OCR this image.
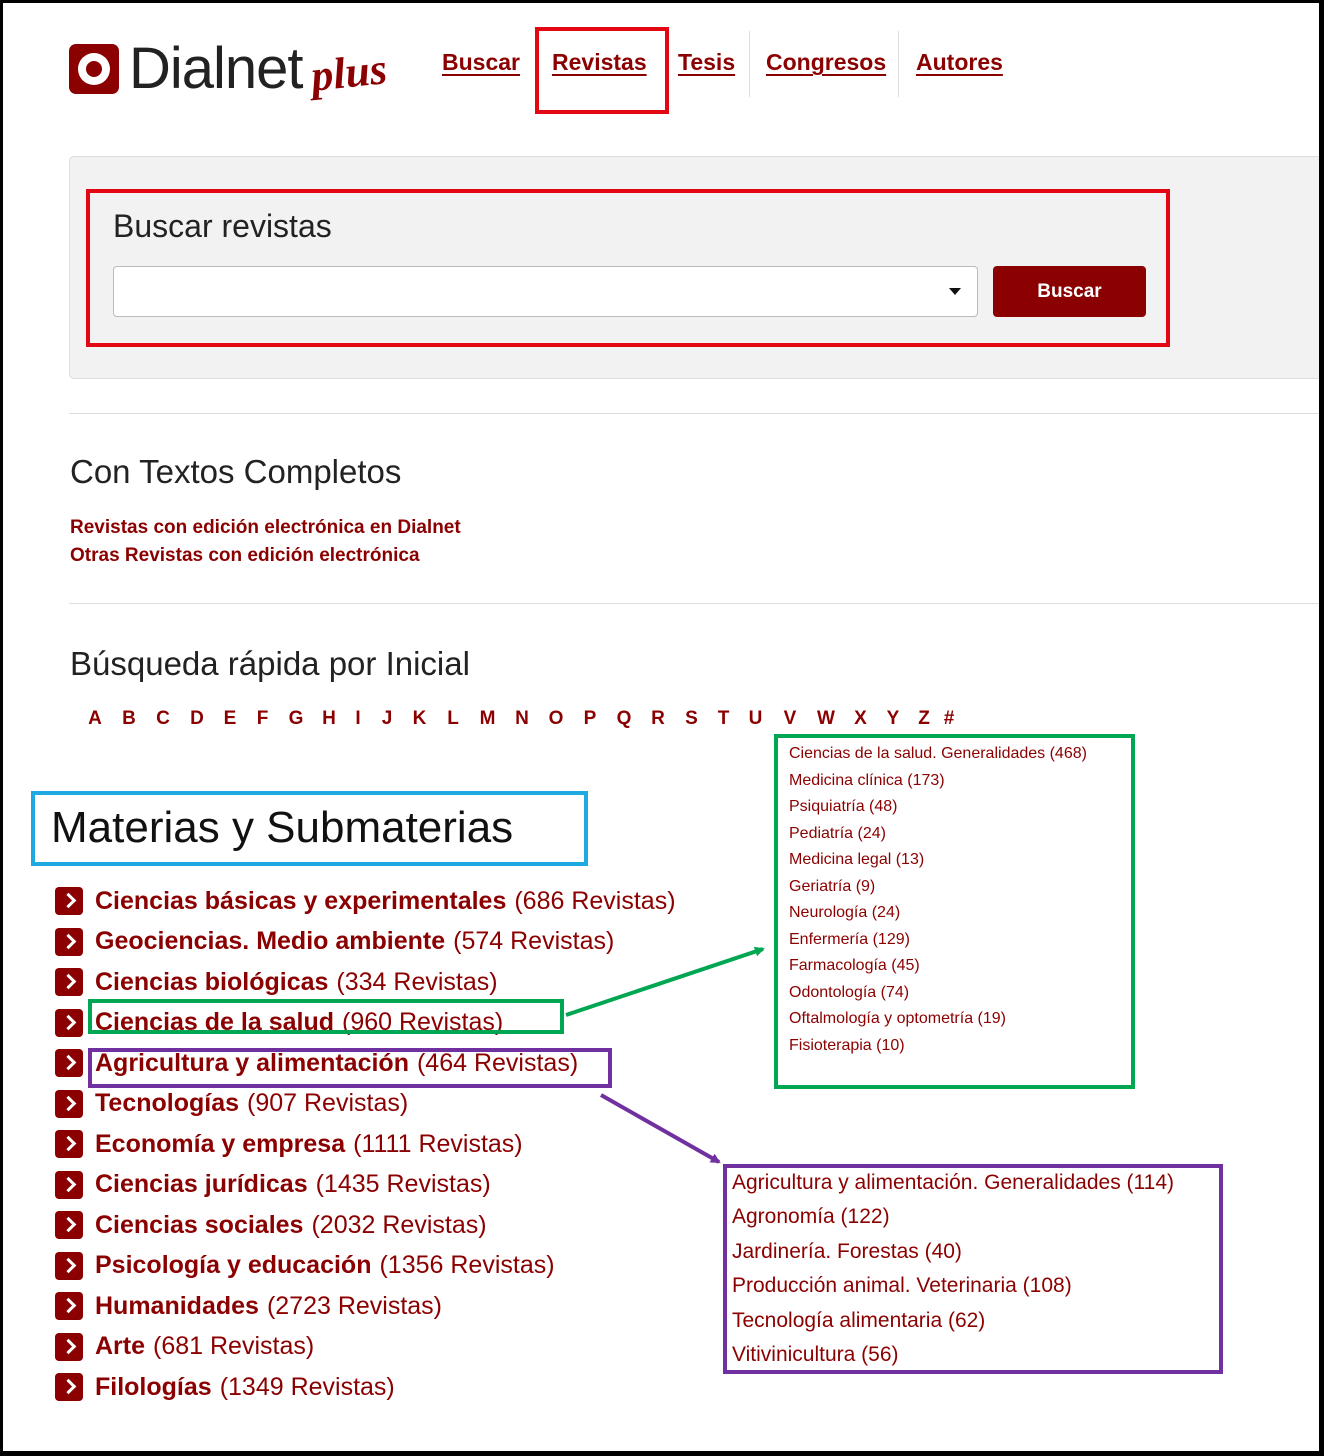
Dialnet plus Buscar Revistas Tesis Congresos Autores
Buscar revistas
Buscar
Con Textos Completos
Revistas con edición electrónica en Dialnet
Otras Revistas con edición electrónica
Búsqueda rápida por Inicial
A	B	C	D	E	F	G H	I	J	K	L	M	N	O	P	Q	R	S	T	U	V	W	X	Y Z #
Materias y Submaterias
Ciencias básicas y experimentales (686 Revistas)
Geociencias. Medio ambiente (574 Revistas)
Ciencias biológicas (334 Revistas)
Ciencias de la salud (960 Revistas)
Agricultura y alimentación (464 Revistas)
Tecnologías (907 Revistas)
Economía y empresa (1111 Revistas)
Ciencias jurídicas (1435 Revistas)
Ciencias sociales (2032 Revistas)
Psicología y educación (1356 Revistas)
Humanidades (2723 Revistas)
Arte (681 Revistas)
Filologías (1349 Revistas)
Ciencias de la salud. Generalidades (468)
Medicina clínica (173)
Psiquiatría (48)
Pediatría (24)
Medicina legal (13)
Geriatría (9)
Neurología (24)
Enfermería (129)
Farmacología (45)
Odontología (74)
Oftalmología y optometría (19)
Fisioterapia (10)
Agricultura y alimentación. Generalidades (114)
Agronomía (122)
Jardinería. Forestas (40)
Producción animal. Veterinaria (108)
Tecnología alimentaria (62)
Vitivinicultura (56)
